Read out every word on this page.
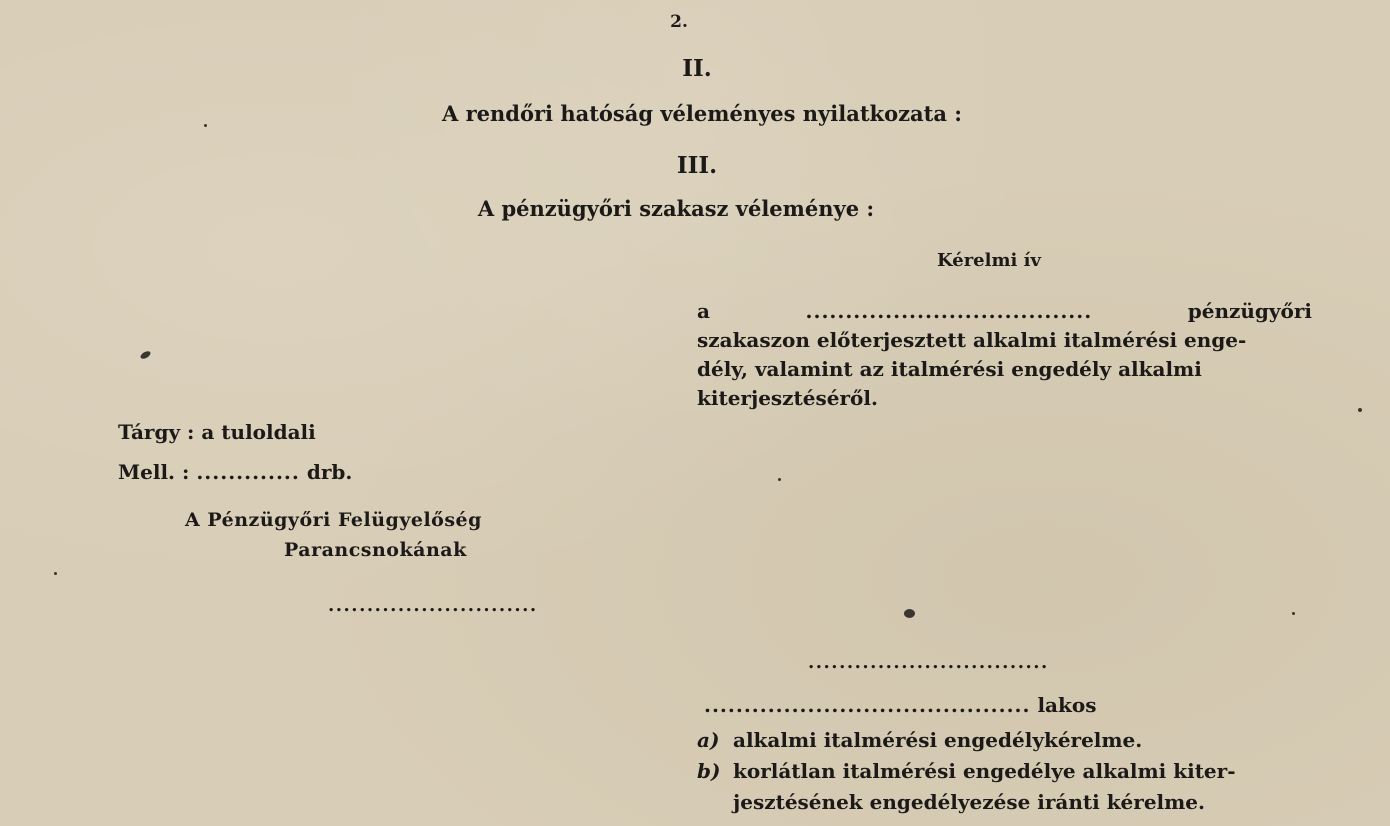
2.
II.
A rendőri hatóság véleményes nyilatkozata :
III.
A pénzügyőri szakasz véleménye :
Kérelmi ív
a	....................................	pénzügyőri
szakaszon előterjesztett alkalmi italmérési enge-
dély, valamint az italmérési engedély alkalmi
kiterjesztéséről.
Tárgy : a tuloldali
Mell. : ............. drb.
A Pénzügyőri Felügyelőség
Parancsnokának
...........................
...............................
......................................... lakos
a) alkalmi italmérési engedélykérelme.
b) korlátlan italmérési engedélye alkalmi kiter-
jesztésének engedélyezése iránti kérelme.
